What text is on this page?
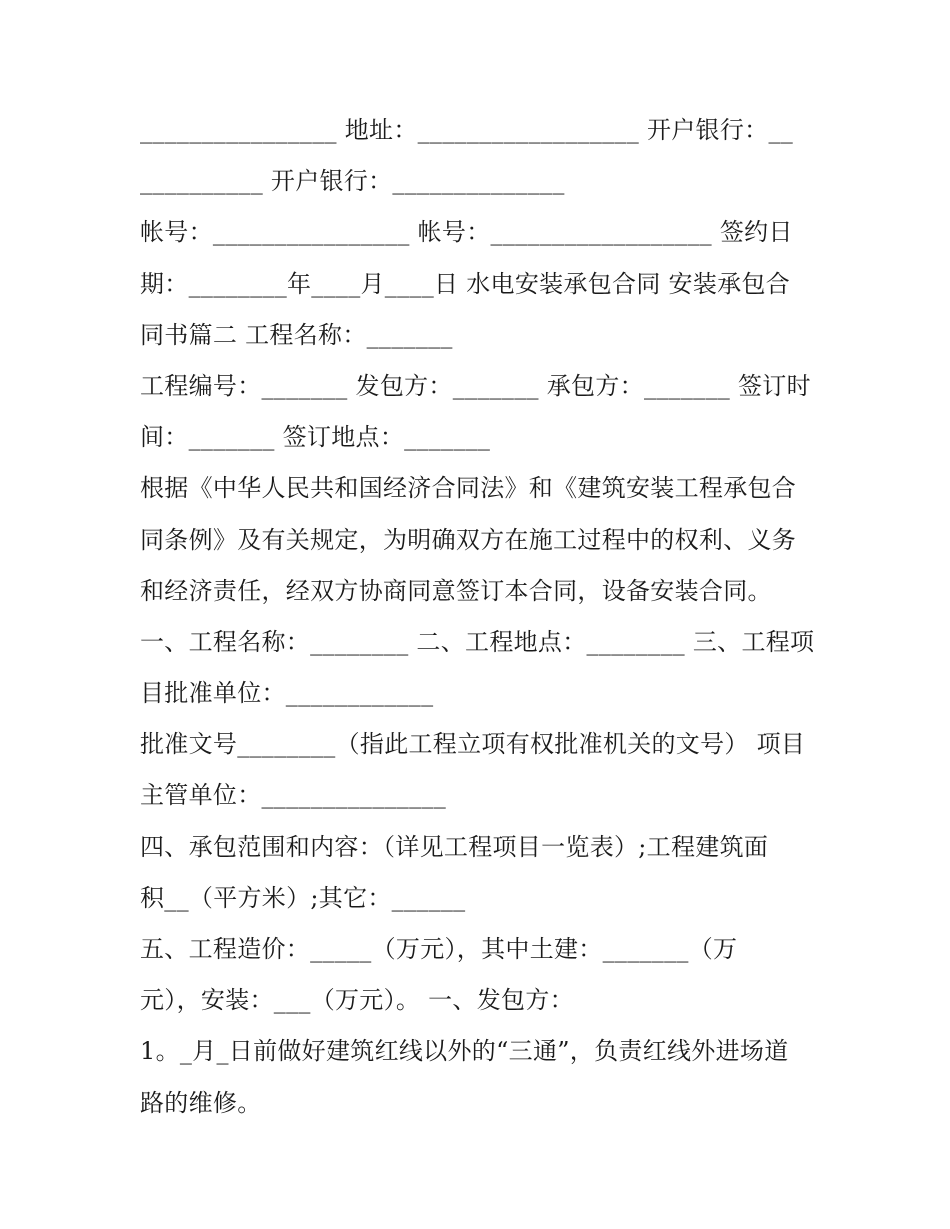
________________ 地址：__________________ 开户银行：__
__________ 开户银行：______________
帐号：________________ 帐号：__________________ 签约日
期：________年____月____日 水电安装承包合同 安装承包合
同书篇二 工程名称：_______
工程编号：_______ 发包方：_______ 承包方：_______ 签订时
间：_______ 签订地点：_______
根据《中华人民共和国经济合同法》和《建筑安装工程承包合
同条例》及有关规定，为明确双方在施工过程中的权利、义务
和经济责任，经双方协商同意签订本合同，设备安装合同。
一、工程名称：________ 二、工程地点：________ 三、工程项
目批准单位：____________
批准文号________（指此工程立项有权批准机关的文号） 项目
主管单位：_______________
四、承包范围和内容：（详见工程项目一览表）;工程建筑面
积__（平方米）;其它：______
五、工程造价：_____（万元），其中土建：_______（万
元），安装：___（万元）。 一、发包方：
1。_月_日前做好建筑红线以外的“三通”，负责红线外进场道
路的维修。
